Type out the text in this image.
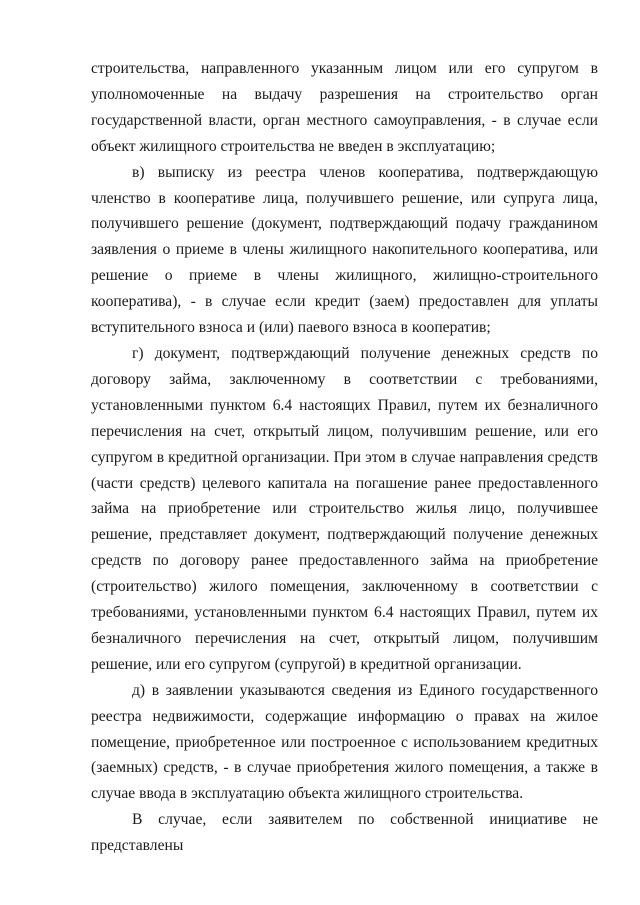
строительства, направленного указанным лицом или его супругом в уполномоченные на выдачу разрешения на строительство орган государственной власти, орган местного самоуправления, - в случае если объект жилищного строительства не введен в эксплуатацию;

в) выписку из реестра членов кооператива, подтверждающую членство в кооперативе лица, получившего решение, или супруга лица, получившего решение (документ, подтверждающий подачу гражданином заявления о приеме в члены жилищного накопительного кооператива, или решение о приеме в члены жилищного, жилищно-строительного кооператива), - в случае если кредит (заем) предоставлен для уплаты вступительного взноса и (или) паевого взноса в кооператив;

г) документ, подтверждающий получение денежных средств по договору займа, заключенному в соответствии с требованиями, установленными пунктом 6.4 настоящих Правил, путем их безналичного перечисления на счет, открытый лицом, получившим решение, или его супругом в кредитной организации. При этом в случае направления средств (части средств) целевого капитала на погашение ранее предоставленного займа на приобретение или строительство жилья лицо, получившее решение, представляет документ, подтверждающий получение денежных средств по договору ранее предоставленного займа на приобретение (строительство) жилого помещения, заключенному в соответствии с требованиями, установленными пунктом 6.4 настоящих Правил, путем их безналичного перечисления на счет, открытый лицом, получившим решение, или его супругом (супругой) в кредитной организации.

д) в заявлении указываются сведения из Единого государственного реестра недвижимости, содержащие информацию о правах на жилое помещение, приобретенное или построенное с использованием кредитных (заемных) средств, - в случае приобретения жилого помещения, а также в случае ввода в эксплуатацию объекта жилищного строительства.

В случае, если заявителем по собственной инициативе не представлены
